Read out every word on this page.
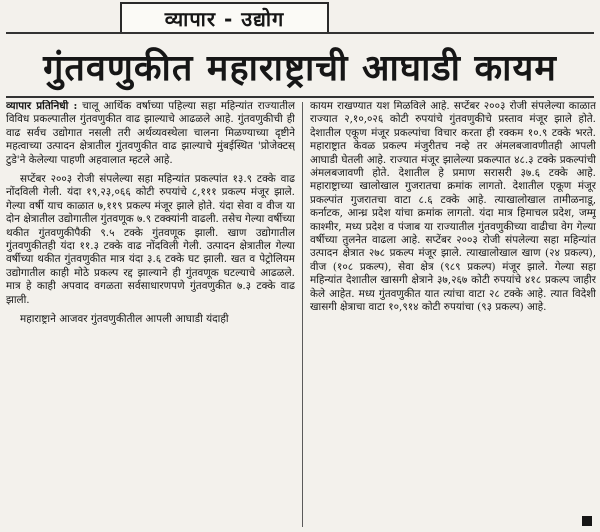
व्यापार - उद्योग
गुंतवणुकीत महाराष्ट्राची आघाडी कायम

व्यापार प्रतिनिधी : चालू आर्थिक वर्षाच्या पहिल्या सहा महिन्यांत राज्यातील विविध प्रकल्पातील गुंतवणुकीत वाढ झाल्याचे आढळले आहे. गुंतवणुकीची ही वाढ सर्वच उद्योगात नसली तरी अर्थव्यवस्थेला चालना मिळण्याच्या दृष्टीने महत्वाच्या उत्पादन क्षेत्रातील गुंतवणुकीत वाढ झाल्याचे मुंबईस्थित 'प्रोजेक्टस् टुडे'ने केलेल्या पाहणी अहवालात म्हटले आहे.

सप्टेंबर २००३ रोजी संपलेल्या सहा महिन्यांत प्रकल्पांत १३.९ टक्के वाढ नोंदविली गेली. यंदा १९,२३,०६६ कोटी रुपयांचे ८,१११ प्रकल्प मंजूर झाले. गेल्या वर्षी याच काळात ७,११९ प्रकल्प मंजूर झाले होते. यंदा सेवा व वीज या दोन क्षेत्रातील उद्योगातील गुंतवणूक ७.९ टक्क्यांनी वाढली. तसेच गेल्या वर्षीच्या थकीत गुंतवणुकीपैकी ९.५ टक्के गुंतवणूक झाली. खाण उद्योगातील गुंतवणुकीतही यंदा ११.३ टक्के वाढ नोंदविली गेली. उत्पादन क्षेत्रातील गेल्या वर्षीच्या थकीत गुंतवणुकीत मात्र यंदा ३.६ टक्के घट झाली. खत व पेट्रोलियम उद्योगातील काही मोठे प्रकल्प रद्द झाल्याने ही गुंतवणूक घटल्याचे आढळले. मात्र हे काही अपवाद वगळता सर्वसाधारणपणे गुंतवणुकीत ७.३ टक्के वाढ झाली.

महाराष्ट्राने आजवर गुंतवणुकीतील आपली आघाडी यंदाही

कायम राखण्यात यश मिळविले आहे. सप्टेंबर २००३ रोजी संपलेल्या काळात राज्यात २,१०,०२६ कोटी रुपयांचे गुंतवणुकीचे प्रस्ताव मंजूर झाले होते. देशातील एकूण मंजूर प्रकल्पांचा विचार करता ही रक्कम १०.९ टक्के भरते. महाराष्ट्रात केवळ प्रकल्प मंजुरीतच नव्हे तर अंमलबजावणीतही आपली आघाडी घेतली आहे. राज्यात मंजूर झालेल्या प्रकल्पात ४८.३ टक्के प्रकल्पांची अंमलबजावणी होते. देशातील हे प्रमाण सरासरी ३७.६ टक्के आहे. महाराष्ट्राच्या खालोखाल गुजरातचा क्रमांक लागतो. देशातील एकूण मंजूर प्रकल्पांत गुजरातचा वाटा ८.६ टक्के आहे. त्याखालोखाल तामीळनाडू, कर्नाटक, आन्ध्र प्रदेश यांचा क्रमांक लागतो. यंदा मात्र हिमाचल प्रदेश, जम्मू काश्मीर, मध्य प्रदेश व पंजाब या राज्यातील गुंतवणुकीच्या वाढीचा वेग गेल्या वर्षीच्या तुलनेत वाढला आहे. सप्टेंबर २००३ रोजी संपलेल्या सहा महिन्यांत उत्पादन क्षेत्रात २७८ प्रकल्प मंजूर झाले. त्याखालोखाल खाण (२४ प्रकल्प), वीज (१०८ प्रकल्प), सेवा क्षेत्र (९८९ प्रकल्प) मंजूर झाले. गेल्या सहा महिन्यांत देशातील खासगी क्षेत्राने ३७,२६७ कोटी रुपयांचे ४१८ प्रकल्प जाहीर केले आहेत. मध्य गुंतवणुकीत यात त्यांचा वाटा २८ टक्के आहे. त्यात विदेशी खासगी क्षेत्राचा वाटा १०,९१४ कोटी रुपयांचा (९३ प्रकल्प) आहे.
